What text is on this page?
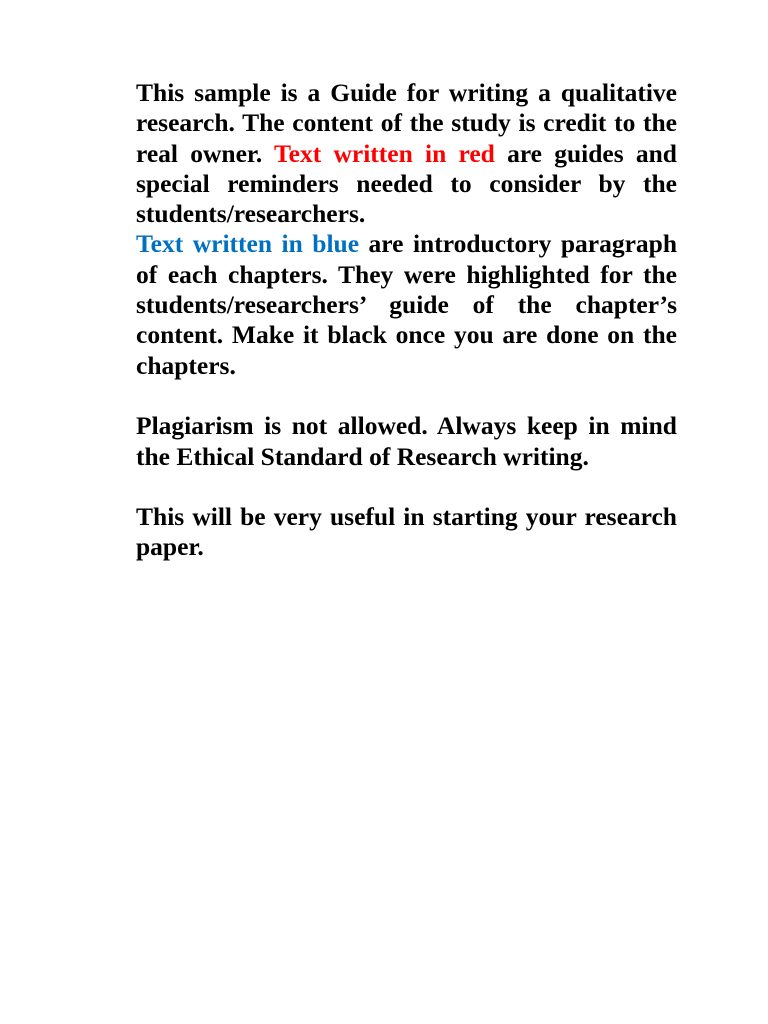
This sample is a Guide for writing a qualitative research. The content of the study is credit to the real owner. Text written in red are guides and special reminders needed to consider by the students/researchers.

Text written in blue are introductory paragraph of each chapters. They were highlighted for the students/researchers’ guide of the chapter’s content. Make it black once you are done on the chapters.

Plagiarism is not allowed. Always keep in mind the Ethical Standard of Research writing.

This will be very useful in starting your research paper.
